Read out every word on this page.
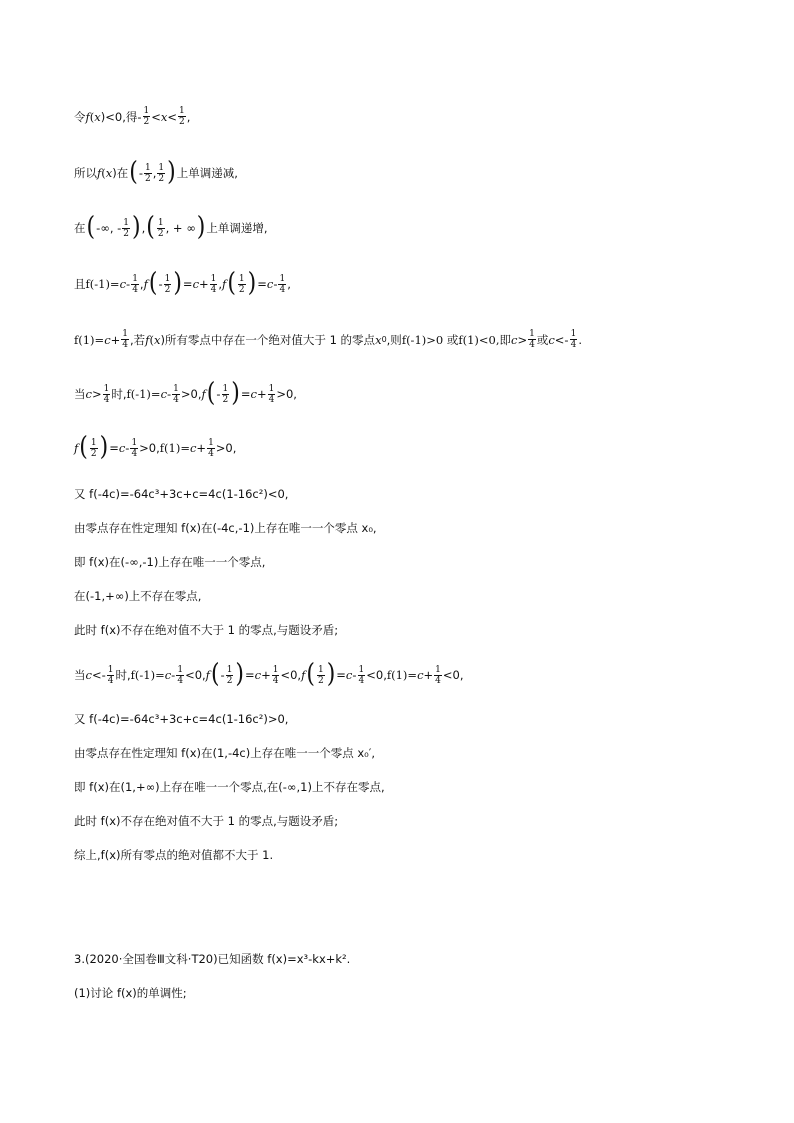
令 f ( x )<0,得- $\frac{1}{2} < x < \frac{1}{2}$ ,
所以 f ( x )在 ( - $\frac{1}{2}$ , $\frac{1}{2}$ ) 上单调递减,
在 ( -∞, - $\frac{1}{2}$ ) , ( $\frac{1}{2}$ , + ∞ ) 上单调递增,
且 $f(-1)= c - \frac{1}{4}$ , f ( - $\frac{1}{2}$ ) = $c + \frac{1}{4}$ , f ( $\frac{1}{2}$ ) = c - $\frac{1}{4}$ ,
$f(1)= c + \frac{1}{4}$ ,若 f ( x )所有零点中存在一个绝对值大于 1 的零点 x 0 ,则 f(-1)>0 或 f(1)<0,即 $c > \frac{1}{4}$ 或 $c <- \frac{1}{4}$ .
当 $c > \frac{1}{4}$ 时, $f(-1)= c - \frac{1}{4} >0$, f ( - $\frac{1}{2}$ ) = $c + \frac{1}{4} >0$,
f ( $\frac{1}{2}$ ) = $c - \frac{1}{4} >0$, $f(1)= c + \frac{1}{4} >0$,
又 f(-4c)=-64c³+3c+c=4c(1-16c²)<0,
由零点存在性定理知 f(x)在(-4c,-1)上存在唯一一个零点 x₀,
即 f(x)在(-∞,-1)上存在唯一一个零点,
在(-1,+∞)上不存在零点,
此时 f(x)不存在绝对值不大于 1 的零点,与题设矛盾;
当 $c <- \frac{1}{4}$ 时, $f(-1)= c - \frac{1}{4} <0$, f ( - $\frac{1}{2}$ ) = $c + \frac{1}{4} <0$, f ( $\frac{1}{2}$ ) = $c - \frac{1}{4} <0$, $f(1)= c + \frac{1}{4} <0$,
又 f(-4c)=-64c³+3c+c=4c(1-16c²)>0,
由零点存在性定理知 f(x)在(1,-4c)上存在唯一一个零点 x₀′,
即 f(x)在(1,+∞)上存在唯一一个零点,在(-∞,1)上不存在零点,
此时 f(x)不存在绝对值不大于 1 的零点,与题设矛盾;
综上,f(x)所有零点的绝对值都不大于 1.
3.(2020·全国卷Ⅲ文科·T20)已知函数 f(x)=x³-kx+k².
(1)讨论 f(x)的单调性;
